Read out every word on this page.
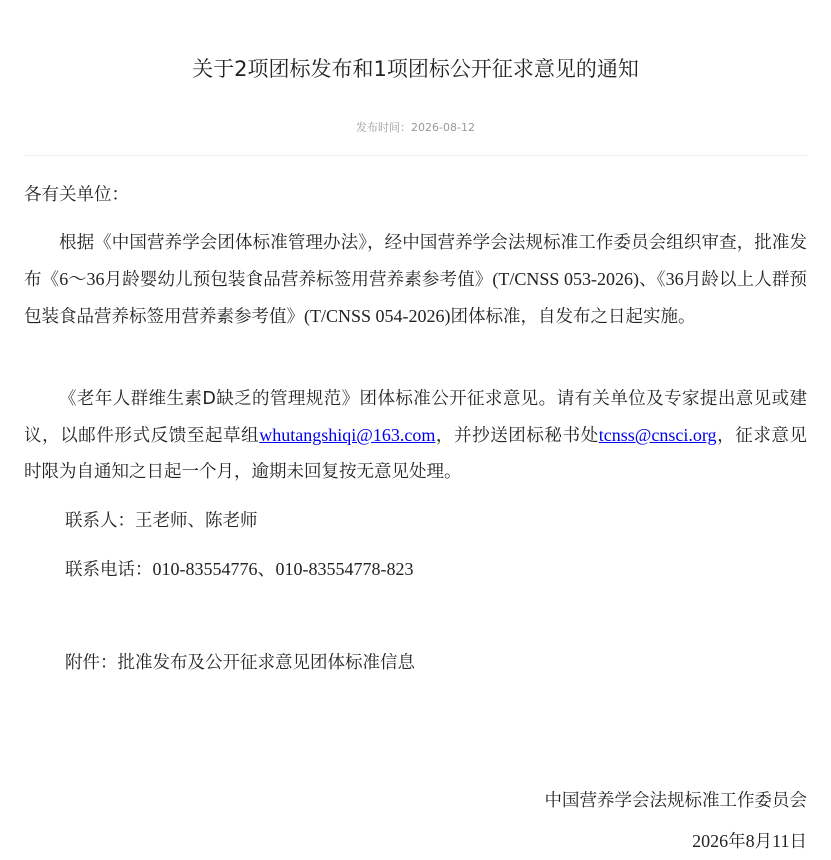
关于2项团标发布和1项团标公开征求意见的通知
发布时间：2026-08-12
各有关单位：

根据《中国营养学会团体标准管理办法》，经中国营养学会法规标准工作委员会组织审查，批准发布《6～36月龄婴幼儿预包装食品营养标签用营养素参考值》(T/CNSS 053-2026)、《36月龄以上人群预包装食品营养标签用营养素参考值》(T/CNSS 054-2026)团体标准，自发布之日起实施。

《老年人群维生素D缺乏的管理规范》团体标准公开征求意见。请有关单位及专家提出意见或建议，以邮件形式反馈至起草组whutangshiqi@163.com，并抄送团标秘书处tcnss@cnsci.org，征求意见时限为自通知之日起一个月，逾期未回复按无意见处理。

联系人：王老师、陈老师
联系电话：010-83554776、010-83554778-823
附件：批准发布及公开征求意见团体标准信息
中国营养学会法规标准工作委员会
2026年8月11日
